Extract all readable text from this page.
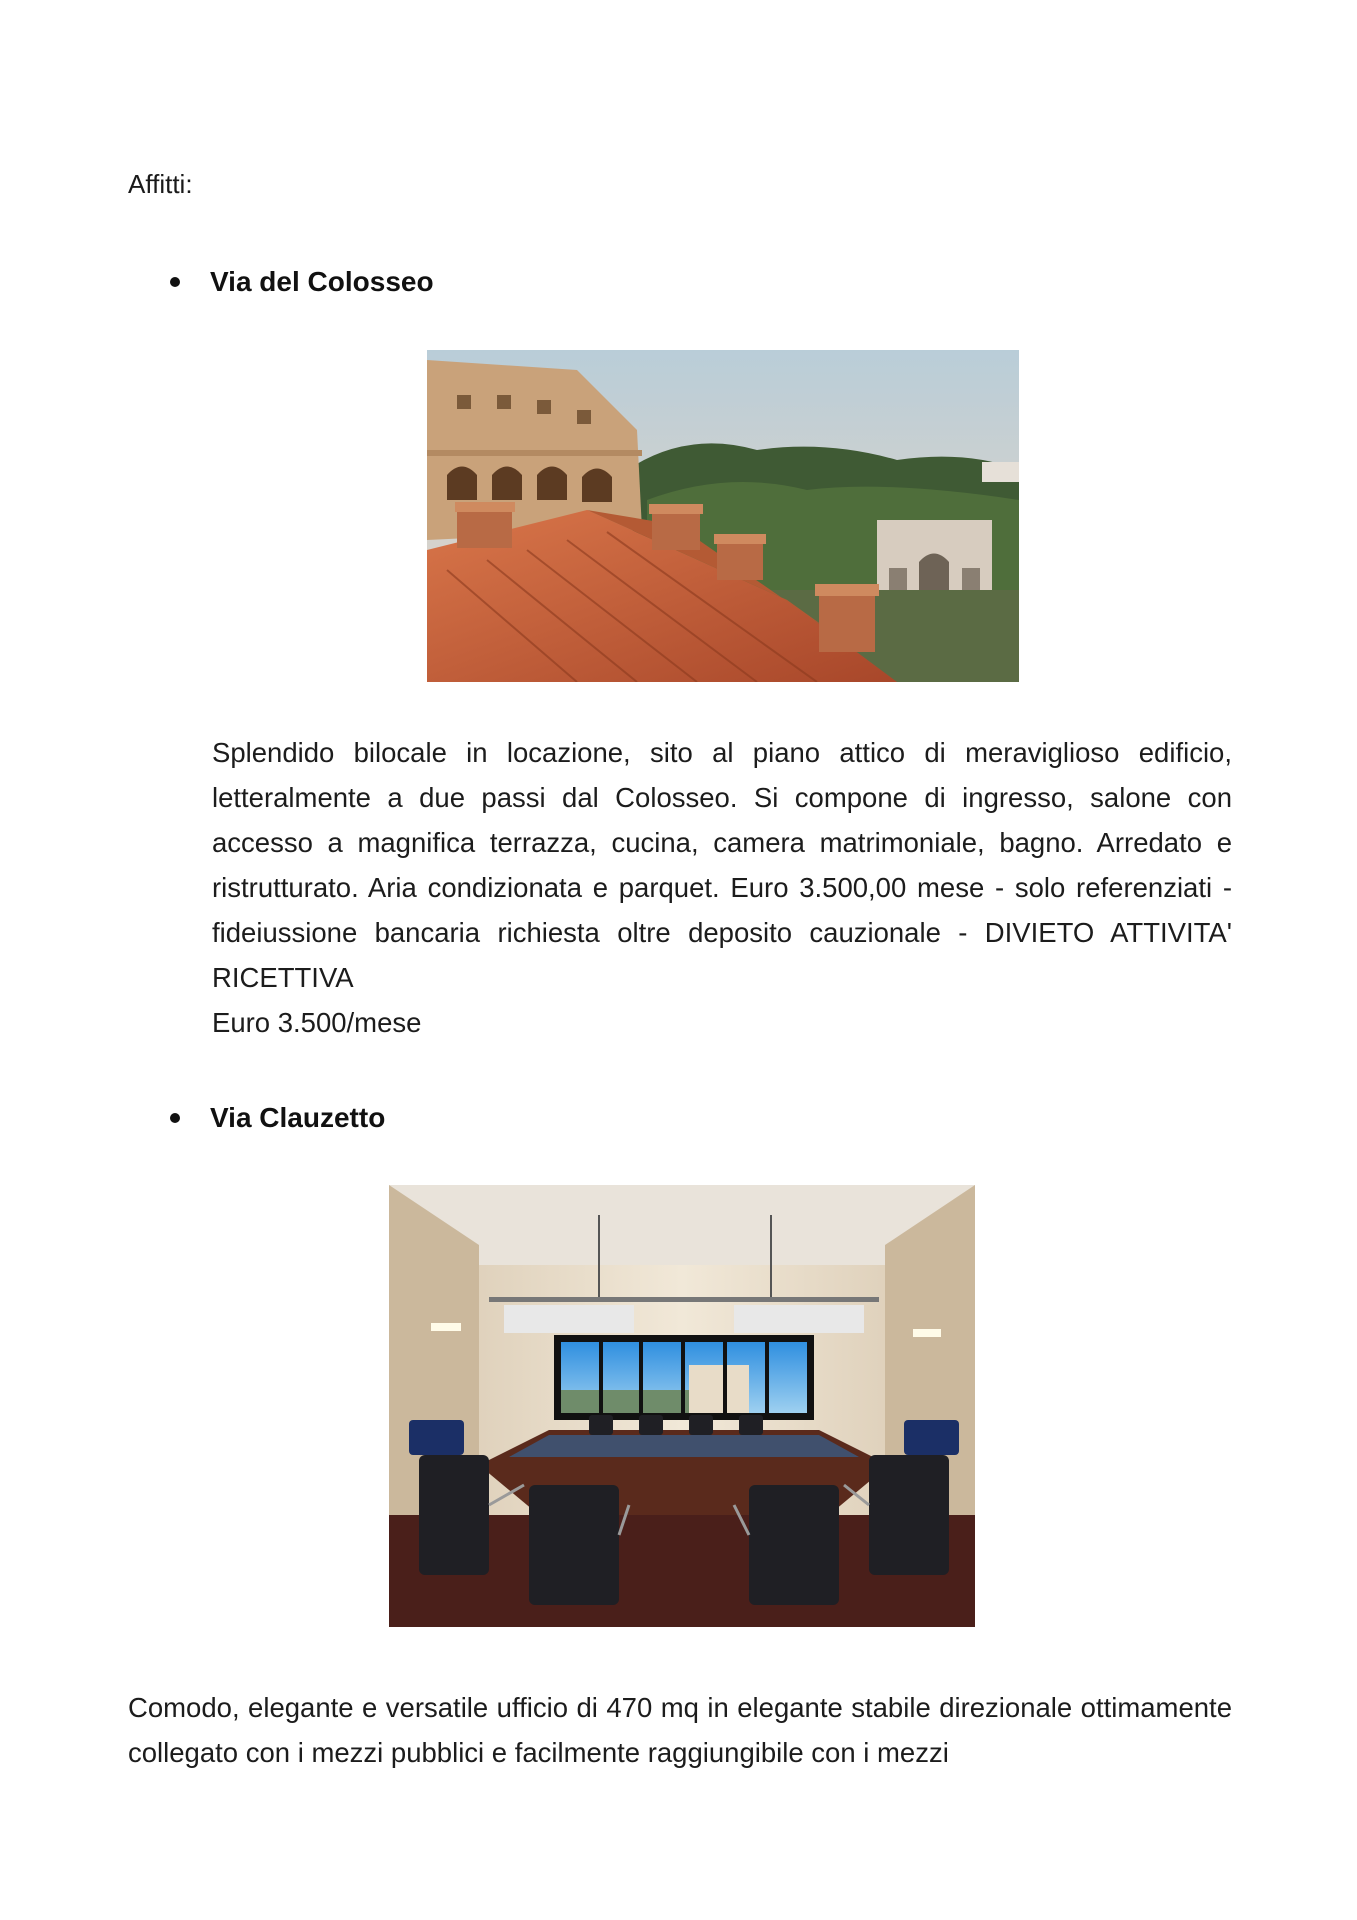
Affitti:
Via del Colosseo

Splendido bilocale in locazione, sito al piano attico di meraviglioso edificio, letteralmente a due passi dal Colosseo. Si compone di ingresso, salone con accesso a magnifica terrazza, cucina, camera matrimoniale, bagno. Arredato e ristrutturato. Aria condizionata e parquet. Euro 3.500,00 mese - solo referenziati - fideiussione bancaria richiesta oltre deposito cauzionale - DIVIETO ATTIVITA' RICETTIVA

Euro 3.500/mese
Via Clauzetto

Comodo, elegante e versatile ufficio di 470 mq in elegante stabile direzionale ottimamente collegato con i mezzi pubblici e facilmente raggiungibile con i mezzi
